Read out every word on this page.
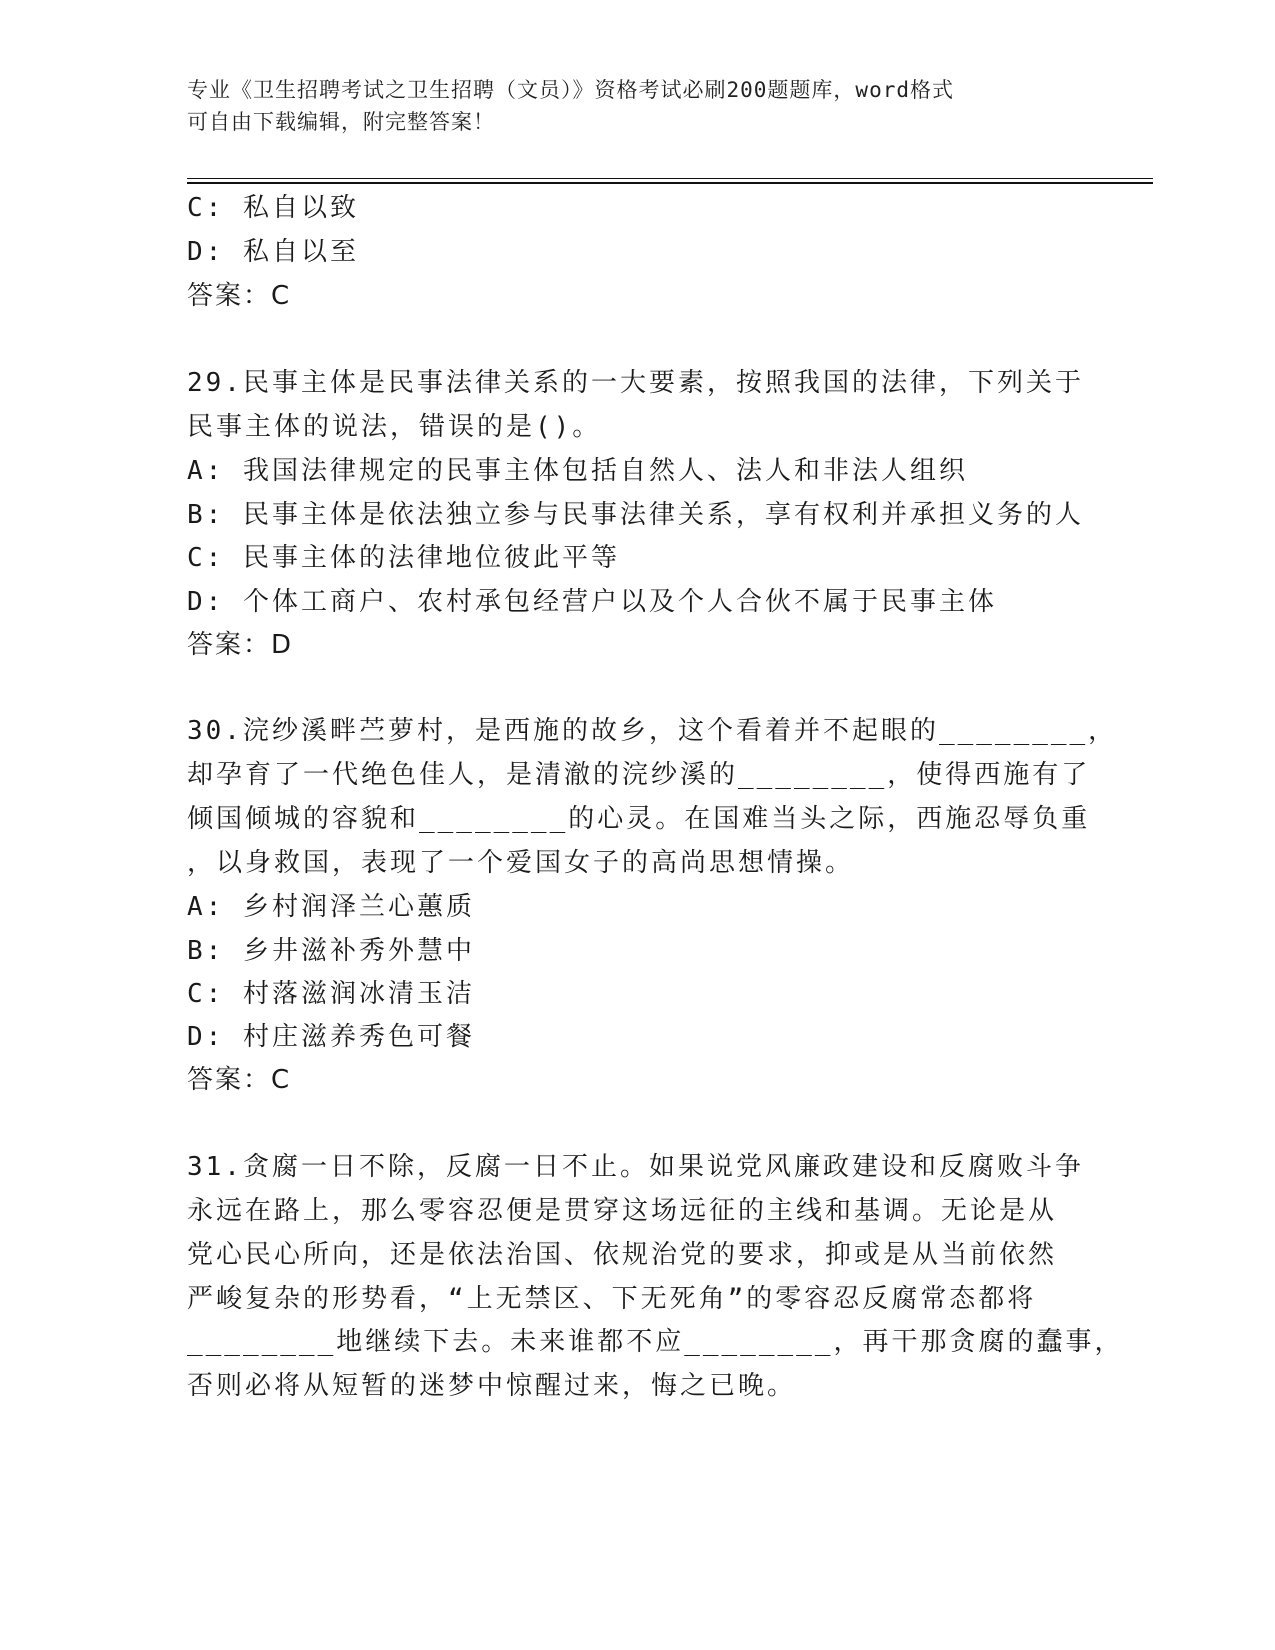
专业《卫生招聘考试之卫生招聘（文员）》资格考试必刷200题题库，word格式
可自由下载编辑，附完整答案！
C: 私自以致
D: 私自以至
答案：C
29.民事主体是民事法律关系的一大要素，按照我国的法律，下列关于
民事主体的说法，错误的是()。
A: 我国法律规定的民事主体包括自然人、法人和非法人组织
B: 民事主体是依法独立参与民事法律关系，享有权利并承担义务的人
C: 民事主体的法律地位彼此平等
D: 个体工商户、农村承包经营户以及个人合伙不属于民事主体
答案：D
30.浣纱溪畔苎萝村，是西施的故乡，这个看着并不起眼的________，
却孕育了一代绝色佳人，是清澈的浣纱溪的________，使得西施有了
倾国倾城的容貌和________的心灵。在国难当头之际，西施忍辱负重
，以身救国，表现了一个爱国女子的高尚思想情操。
A: 乡村润泽兰心蕙质
B: 乡井滋补秀外慧中
C: 村落滋润冰清玉洁
D: 村庄滋养秀色可餐
答案：C
31.贪腐一日不除，反腐一日不止。如果说党风廉政建设和反腐败斗争
永远在路上，那么零容忍便是贯穿这场远征的主线和基调。无论是从
党心民心所向，还是依法治国、依规治党的要求，抑或是从当前依然
严峻复杂的形势看，“上无禁区、下无死角”的零容忍反腐常态都将
________地继续下去。未来谁都不应________，再干那贪腐的蠢事，
否则必将从短暂的迷梦中惊醒过来，悔之已晚。
